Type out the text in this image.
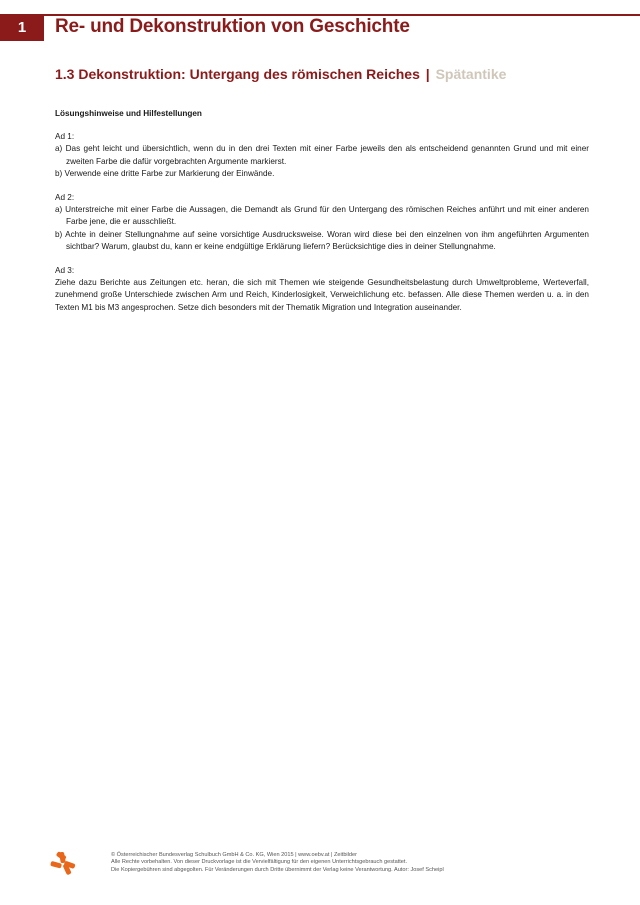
1 Re- und Dekonstruktion von Geschichte
1.3 Dekonstruktion: Untergang des römischen Reiches | Spätantike
Lösungshinweise und Hilfestellungen
Ad 1:
a) Das geht leicht und übersichtlich, wenn du in den drei Texten mit einer Farbe jeweils den als entscheidend genannten Grund und mit einer zweiten Farbe die dafür vorgebrachten Argumente markierst.
b) Verwende eine dritte Farbe zur Markierung der Einwände.
Ad 2:
a) Unterstreiche mit einer Farbe die Aussagen, die Demandt als Grund für den Untergang des römischen Reiches anführt und mit einer anderen Farbe jene, die er ausschließt.
b) Achte in deiner Stellungnahme auf seine vorsichtige Ausdrucksweise. Woran wird diese bei den einzelnen von ihm angeführten Argumenten sichtbar? Warum, glaubst du, kann er keine endgültige Erklärung liefern? Berücksichtige dies in deiner Stellungnahme.
Ad 3:
Ziehe dazu Berichte aus Zeitungen etc. heran, die sich mit Themen wie steigende Gesundheitsbelastung durch Umweltprobleme, Werteverfall, zunehmend große Unterschiede zwischen Arm und Reich, Kinderlosigkeit, Verweichlichung etc. befassen. Alle diese Themen werden u. a. in den Texten M1 bis M3 angesprochen. Setze dich besonders mit der Thematik Migration und Integration auseinander.
© Österreichischer Bundesverlag Schulbuch GmbH & Co. KG, Wien 2015 | www.oebv.at | Zeitbilder
Alle Rechte vorbehalten. Von dieser Druckvorlage ist die Vervielfältigung für den eigenen Unterrichtsgebrauch gestattet.
Die Kopiergebühren sind abgegolten. Für Veränderungen durch Dritte übernimmt der Verlag keine Verantwortung. Autor: Josef Scheipl
